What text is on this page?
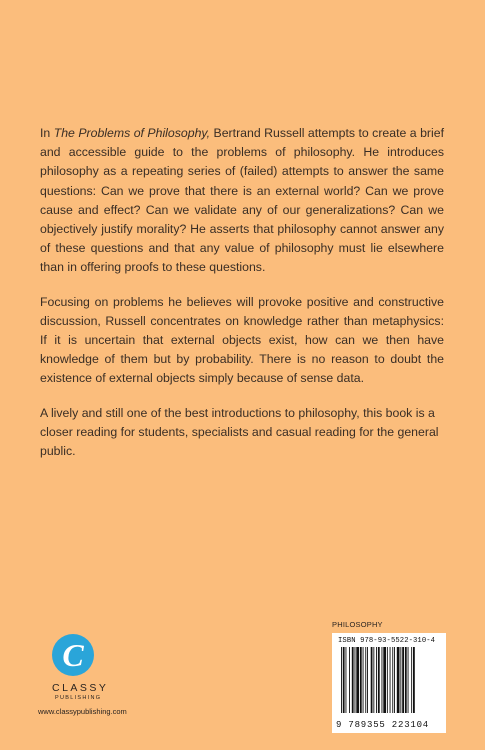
In The Problems of Philosophy, Bertrand Russell attempts to create a brief and accessible guide to the problems of philosophy. He introduces philosophy as a repeating series of (failed) attempts to answer the same questions: Can we prove that there is an external world? Can we prove cause and effect? Can we validate any of our generalizations? Can we objectively justify morality? He asserts that philosophy cannot answer any of these questions and that any value of philosophy must lie elsewhere than in offering proofs to these questions.

Focusing on problems he believes will provoke positive and constructive discussion, Russell concentrates on knowledge rather than metaphysics: If it is uncertain that external objects exist, how can we then have knowledge of them but by probability. There is no reason to doubt the existence of external objects simply because of sense data.

A lively and still one of the best introductions to philosophy, this book is a closer reading for students, specialists and casual reading for the general public.

C
CLASSY
PUBLISHING
www.classypublishing.com
PHILOSOPHY
ISBN 978-93-5522-310-4
9 789355 223104
